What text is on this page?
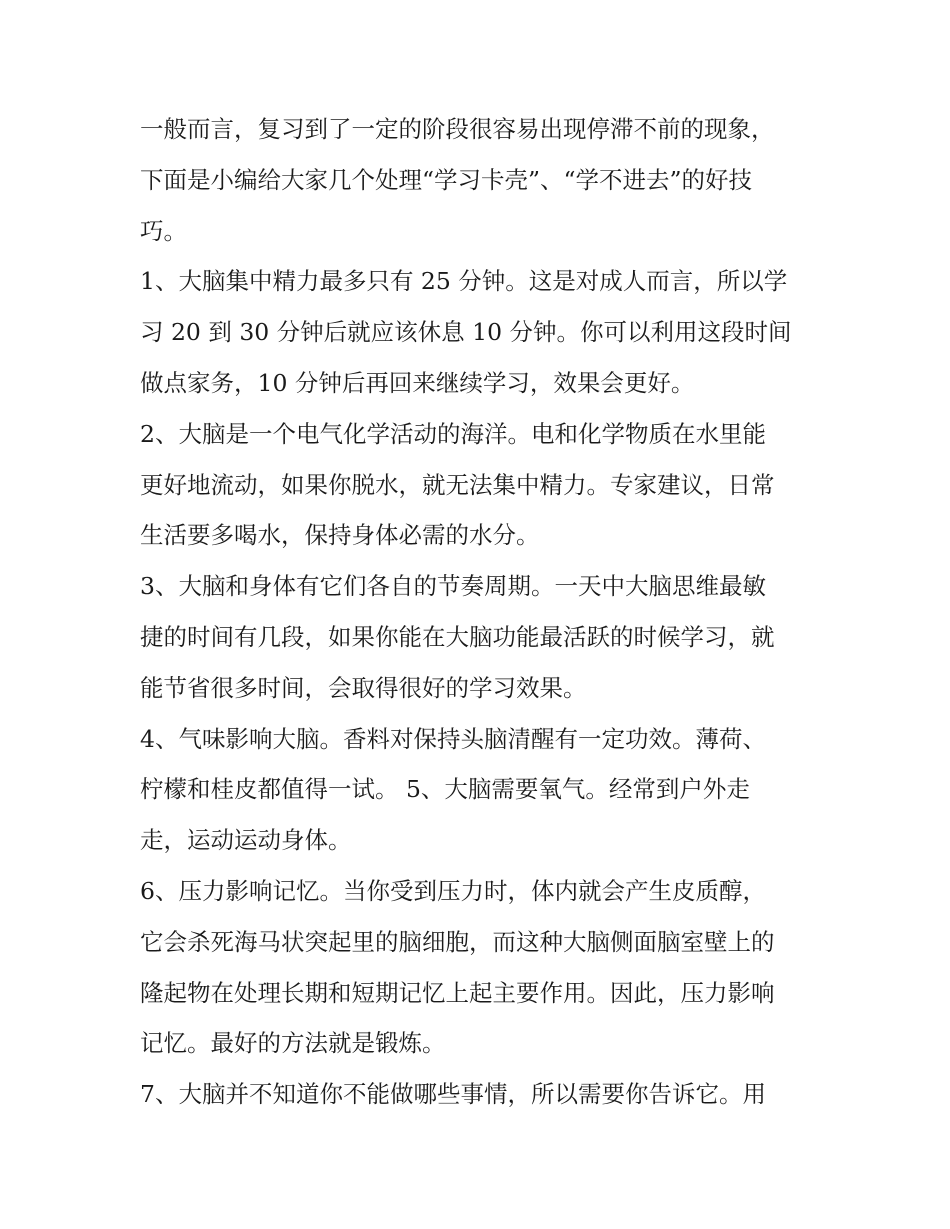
一般而言，复习到了一定的阶段很容易出现停滞不前的现象，
下面是小编给大家几个处理“学习卡壳”、“学不进去”的好技
巧。

1、大脑集中精力最多只有 25 分钟。这是对成人而言，所以学
习 20 到 30 分钟后就应该休息 10 分钟。你可以利用这段时间
做点家务，10 分钟后再回来继续学习，效果会更好。

2、大脑是一个电气化学活动的海洋。电和化学物质在水里能
更好地流动，如果你脱水，就无法集中精力。专家建议，日常
生活要多喝水，保持身体必需的水分。

3、大脑和身体有它们各自的节奏周期。一天中大脑思维最敏
捷的时间有几段，如果你能在大脑功能最活跃的时候学习，就
能节省很多时间，会取得很好的学习效果。

4、气味影响大脑。香料对保持头脑清醒有一定功效。薄荷、
柠檬和桂皮都值得一试。 5、大脑需要氧气。经常到户外走
走，运动运动身体。

6、压力影响记忆。当你受到压力时，体内就会产生皮质醇，
它会杀死海马状突起里的脑细胞，而这种大脑侧面脑室壁上的
隆起物在处理长期和短期记忆上起主要作用。因此，压力影响
记忆。最好的方法就是锻炼。

7、大脑并不知道你不能做哪些事情，所以需要你告诉它。用
